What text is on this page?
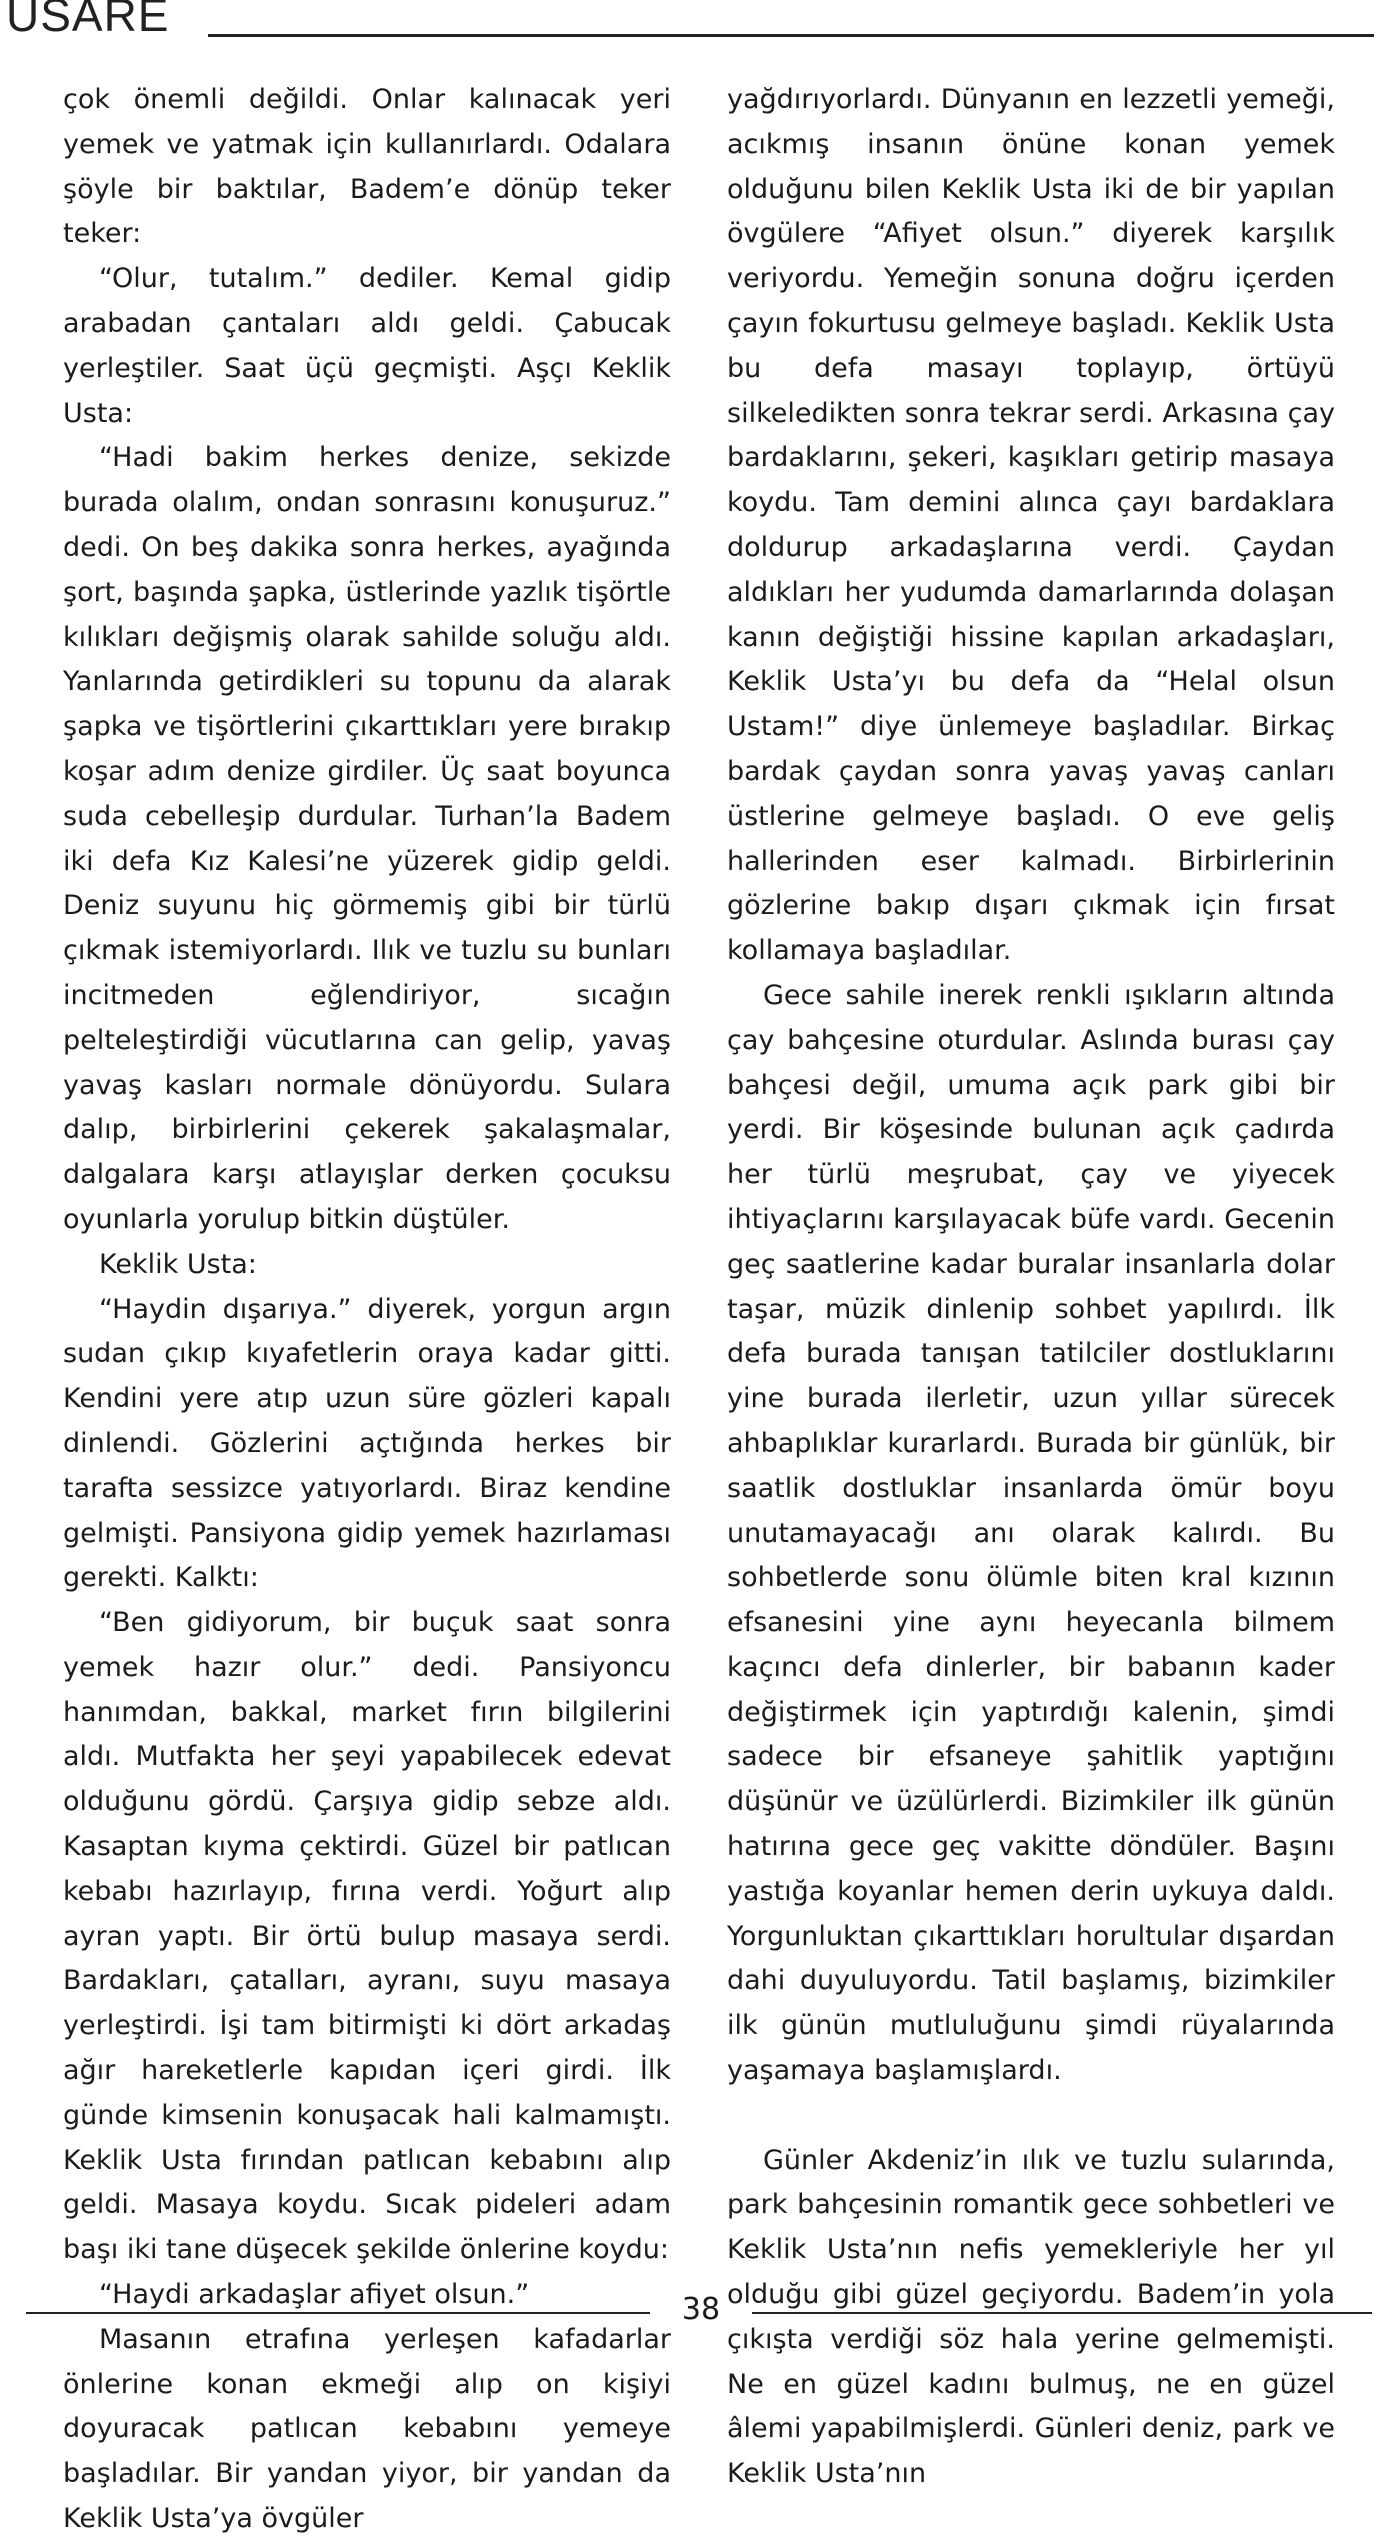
USARE

çok önemli değildi. Onlar kalınacak yeri yemek ve yatmak için kullanırlardı. Odalara şöyle bir baktılar, Badem’e dönüp teker teker:

“Olur, tutalım.” dediler. Kemal gidip arabadan çantaları aldı geldi. Çabucak yerleştiler. Saat üçü geçmişti. Aşçı Keklik Usta:

“Hadi bakim herkes denize, sekizde burada olalım, ondan sonrasını konuşuruz.” dedi. On beş dakika sonra herkes, ayağında şort, başında şapka, üstlerinde yazlık tişörtle kılıkları değişmiş olarak sahilde soluğu aldı. Yanlarında getirdikleri su topunu da alarak şapka ve tişörtlerini çıkarttıkları yere bırakıp koşar adım denize girdiler. Üç saat boyunca suda cebelleşip durdular. Turhan’la Badem iki defa Kız Kalesi’ne yüzerek gidip geldi. Deniz suyunu hiç görmemiş gibi bir türlü çıkmak istemiyorlardı. Ilık ve tuzlu su bunları incitmeden eğlendiriyor, sıcağın pelteleştirdiği vücutlarına can gelip, yavaş yavaş kasları normale dönüyordu. Sulara dalıp, birbirlerini çekerek şakalaşmalar, dalgalara karşı atlayışlar derken çocuksu oyunlarla yorulup bitkin düştüler.

Keklik Usta:

“Haydin dışarıya.” diyerek, yorgun argın sudan çıkıp kıyafetlerin oraya kadar gitti. Kendini yere atıp uzun süre gözleri kapalı dinlendi. Gözlerini açtığında herkes bir tarafta sessizce yatıyorlardı. Biraz kendine gelmişti. Pansiyona gidip yemek hazırlaması gerekti. Kalktı:

“Ben gidiyorum, bir buçuk saat sonra yemek hazır olur.” dedi. Pansiyoncu hanımdan, bakkal, market fırın bilgilerini aldı. Mutfakta her şeyi yapabilecek edevat olduğunu gördü. Çarşıya gidip sebze aldı. Kasaptan kıyma çektirdi. Güzel bir patlıcan kebabı hazırlayıp, fırına verdi. Yoğurt alıp ayran yaptı. Bir örtü bulup masaya serdi. Bardakları, çatalları, ayranı, suyu masaya yerleştirdi. İşi tam bitirmişti ki dört arkadaş ağır hareketlerle kapıdan içeri girdi. İlk günde kimsenin konuşacak hali kalmamıştı. Keklik Usta fırından patlıcan kebabını alıp geldi. Masaya koydu. Sıcak pideleri adam başı iki tane düşecek şekilde önlerine koydu:

“Haydi arkadaşlar afiyet olsun.”

Masanın etrafına yerleşen kafadarlar önlerine konan ekmeği alıp on kişiyi doyuracak patlıcan kebabını yemeye başladılar. Bir yandan yiyor, bir yandan da Keklik Usta’ya övgüler

yağdırıyorlardı. Dünyanın en lezzetli yemeği, acıkmış insanın önüne konan yemek olduğunu bilen Keklik Usta iki de bir yapılan övgülere “Afiyet olsun.” diyerek karşılık veriyordu. Yemeğin sonuna doğru içerden çayın fokurtusu gelmeye başladı. Keklik Usta bu defa masayı toplayıp, örtüyü silkeledikten sonra tekrar serdi. Arkasına çay bardaklarını, şekeri, kaşıkları getirip masaya koydu. Tam demini alınca çayı bardaklara doldurup arkadaşlarına verdi. Çaydan aldıkları her yudumda damarlarında dolaşan kanın değiştiği hissine kapılan arkadaşları, Keklik Usta’yı bu defa da “Helal olsun Ustam!” diye ünlemeye başladılar. Birkaç bardak çaydan sonra yavaş yavaş canları üstlerine gelmeye başladı. O eve geliş hallerinden eser kalmadı. Birbirlerinin gözlerine bakıp dışarı çıkmak için fırsat kollamaya başladılar.

Gece sahile inerek renkli ışıkların altında çay bahçesine oturdular. Aslında burası çay bahçesi değil, umuma açık park gibi bir yerdi. Bir köşesinde bulunan açık çadırda her türlü meşrubat, çay ve yiyecek ihtiyaçlarını karşılayacak büfe vardı. Gecenin geç saatlerine kadar buralar insanlarla dolar taşar, müzik dinlenip sohbet yapılırdı. İlk defa burada tanışan tatilciler dostluklarını yine burada ilerletir, uzun yıllar sürecek ahbaplıklar kurarlardı. Burada bir günlük, bir saatlik dostluklar insanlarda ömür boyu unutamayacağı anı olarak kalırdı. Bu sohbetlerde sonu ölümle biten kral kızının efsanesini yine aynı heyecanla bilmem kaçıncı defa dinlerler, bir babanın kader değiştirmek için yaptırdığı kalenin, şimdi sadece bir efsaneye şahitlik yaptığını düşünür ve üzülürlerdi. Bizimkiler ilk günün hatırına gece geç vakitte döndüler. Başını yastığa koyanlar hemen derin uykuya daldı. Yorgunluktan çıkarttıkları horultular dışardan dahi duyuluyordu. Tatil başlamış, bizimkiler ilk günün mutluluğunu şimdi rüyalarında yaşamaya başlamışlardı.

Günler Akdeniz’in ılık ve tuzlu sularında, park bahçesinin romantik gece sohbetleri ve Keklik Usta’nın nefis yemekleriyle her yıl olduğu gibi güzel geçiyordu. Badem’in yola çıkışta verdiği söz hala yerine gelmemişti. Ne en güzel kadını bulmuş, ne en güzel âlemi yapabilmişlerdi. Günleri deniz, park ve Keklik Usta’nın

38
